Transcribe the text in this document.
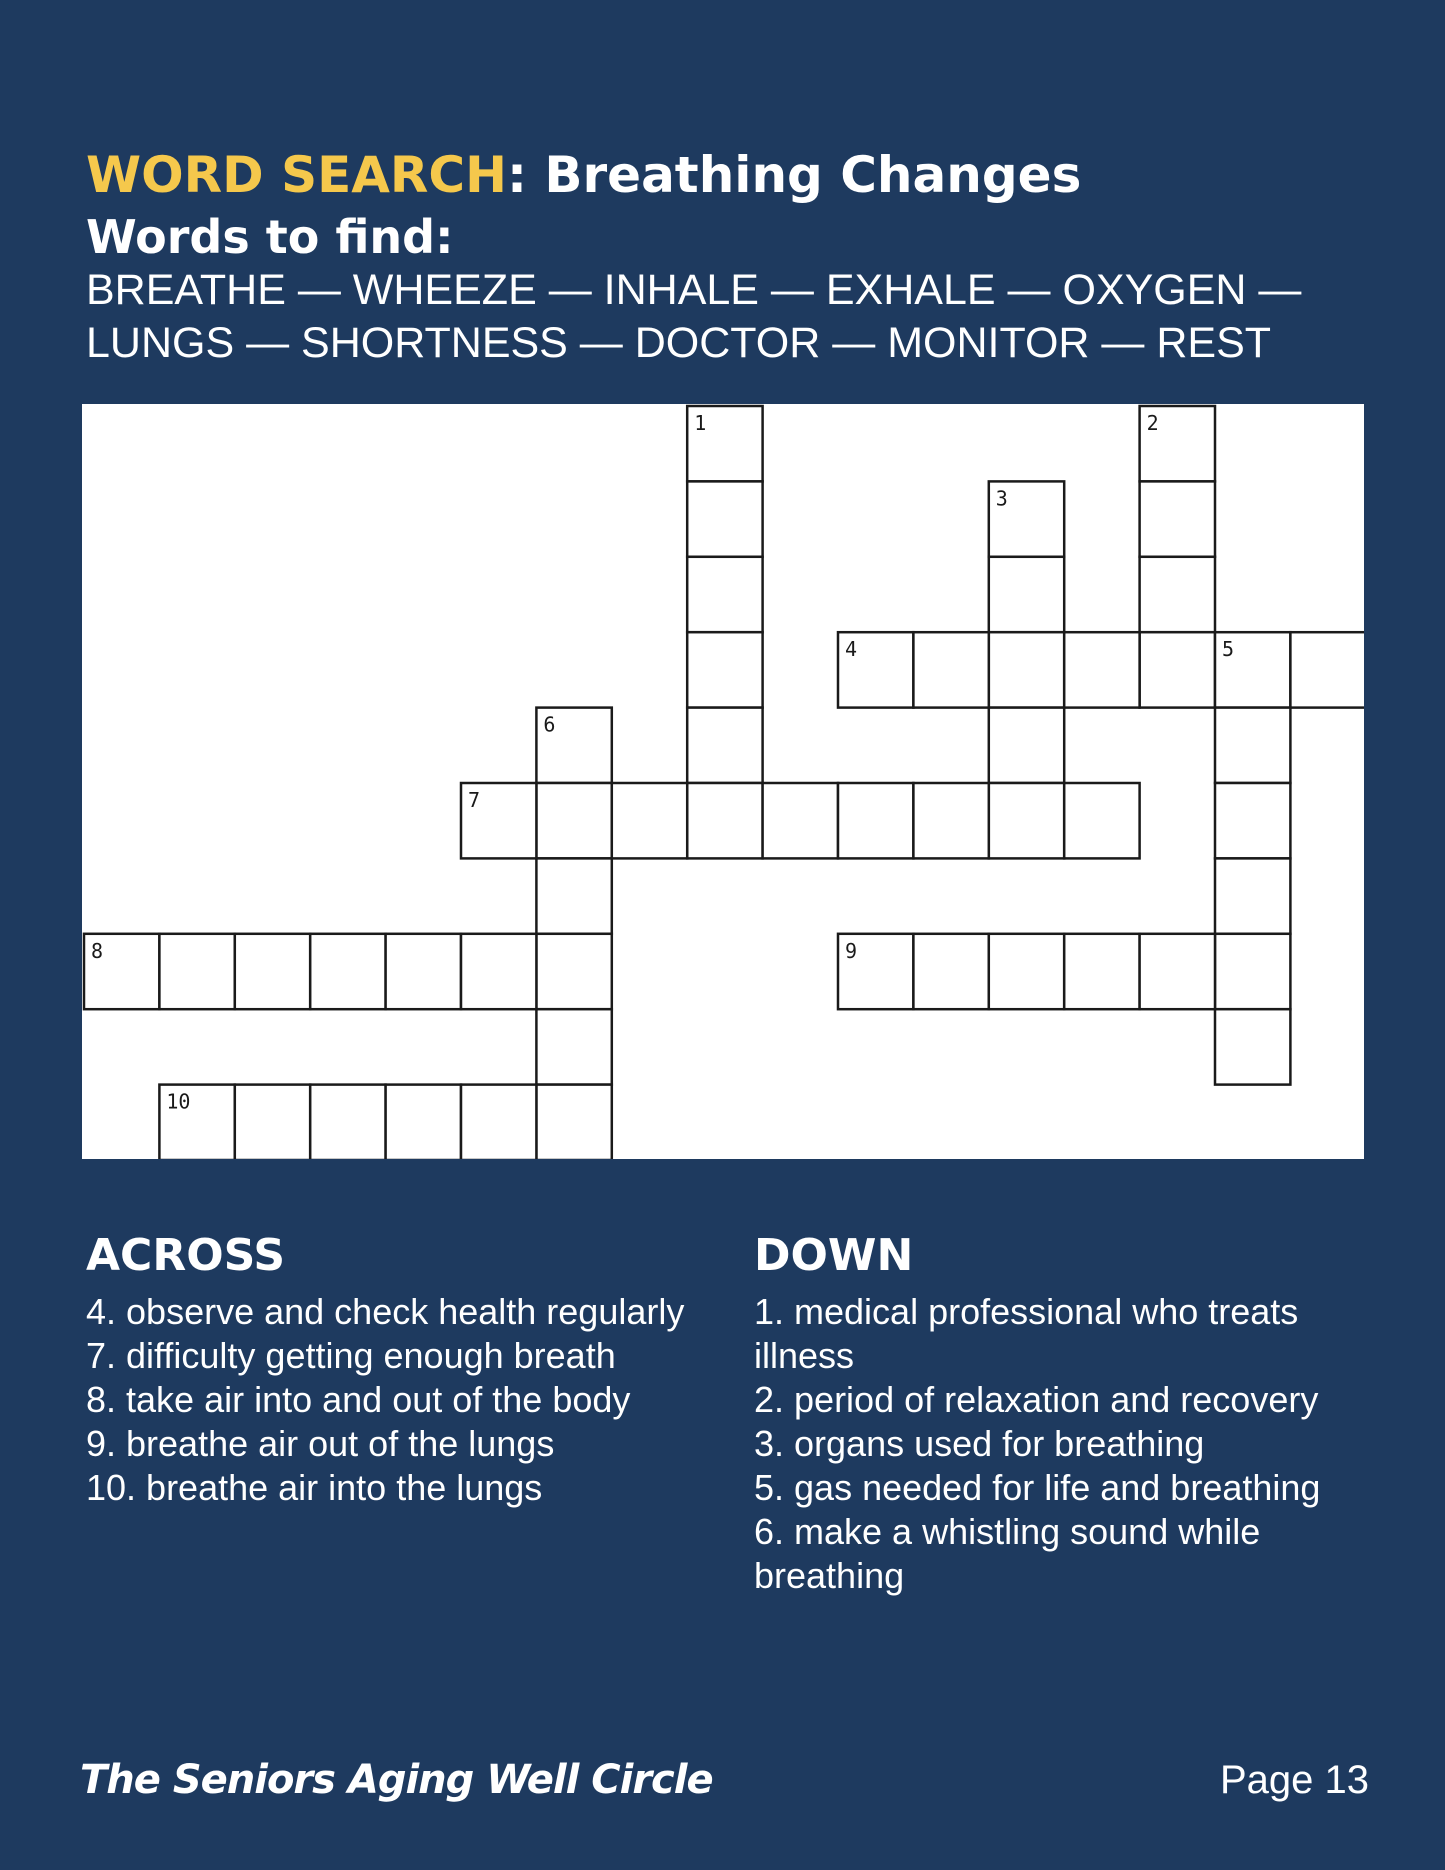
WORD SEARCH: Breathing Changes
Words to find:
BREATHE — WHEEZE — INHALE — EXHALE — OXYGEN —
LUNGS — SHORTNESS — DOCTOR — MONITOR — REST
1	2
3
4	5
6
7
8	9
10
ACROSS
4. observe and check health regularly
7. difficulty getting enough breath
8. take air into and out of the body
9. breathe air out of the lungs
10. breathe air into the lungs
DOWN
1. medical professional who treats illness
2. period of relaxation and recovery
3. organs used for breathing
5. gas needed for life and breathing
6. make a whistling sound while breathing
The Seniors Aging Well Circle	Page 13
